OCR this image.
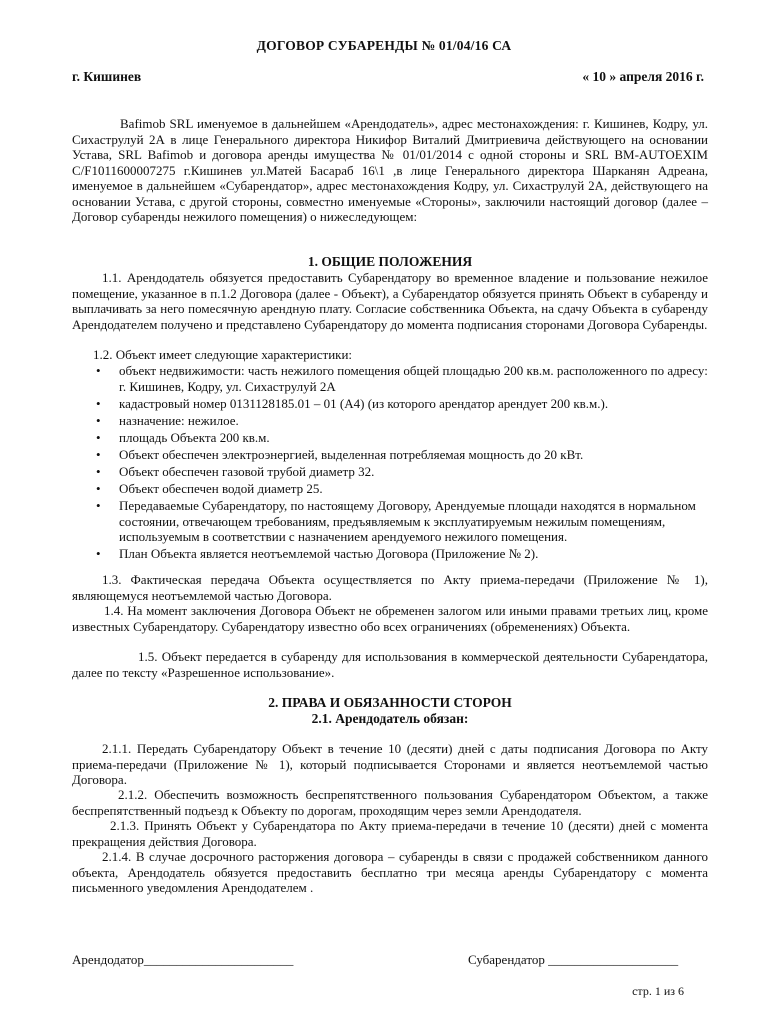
ДОГОВОР СУБАРЕНДЫ № 01/04/16 СА
г. Кишинев	« 10 » апреля 2016 г.
Bafimob SRL именуемое в дальнейшем «Арендодатель», адрес местонахождения: г. Кишинев, Кодру, ул. Сихаструлуй 2А в лице Генерального директора Никифор Виталий Дмитриевича действующего на основании Устава, SRL Bafimob и договора аренды имущества № 01/01/2014 с одной стороны и SRL BM-AUTOEXIM C/F1011600007275 г.Кишинев ул.Матей Басараб 16\1 ,в лице Генерального директора Шарканян Адреана, именуемое в дальнейшем «Субарендатор», адрес местонахождения Кодру, ул. Сихаструлуй 2А, действующего на основании Устава, с другой стороны, совместно именуемые «Стороны», заключили настоящий договор (далее – Договор субаренды нежилого помещения) о нижеследующем:
1. ОБЩИЕ ПОЛОЖЕНИЯ
1.1. Арендодатель обязуется предоставить Субарендатору во временное владение и пользование нежилое помещение, указанное в п.1.2 Договора (далее - Объект), а Субарендатор обязуется принять Объект в субаренду и выплачивать за него помесячную арендную плату. Согласие собственника Объекта, на сдачу Объекта в субаренду Арендодателем получено и представлено Субарендатору до момента подписания сторонами Договора Субаренды.
1.2. Объект имеет следующие характеристики:
• объект недвижимости: часть нежилого помещения общей площадью 200 кв.м. расположенного по адресу: г. Кишинев, Кодру, ул. Сихаструлуй 2А
• кадастровый номер 0131128185.01 – 01 (А4) (из которого арендатор арендует 200 кв.м.).
• назначение: нежилое.
• площадь Объекта 200 кв.м.
• Объект обеспечен электроэнергией, выделенная потребляемая мощность до 20 кВт.
• Объект обеспечен газовой трубой диаметр 32.
• Объект обеспечен водой диаметр 25.
• Передаваемые Субарендатору, по настоящему Договору, Арендуемые площади находятся в нормальном состоянии, отвечающем требованиям, предъявляемым к эксплуатируемым нежилым помещениям, используемым в соответствии с назначением арендуемого нежилого помещения.
• План Объекта является неотъемлемой частью Договора (Приложение № 2).
1.3. Фактическая передача Объекта осуществляется по Акту приема-передачи (Приложение № 1), являющемуся неотъемлемой частью Договора.
1.4. На момент заключения Договора Объект не обременен залогом или иными правами третьих лиц, кроме известных Субарендатору. Субарендатору известно обо всех ограничениях (обременениях) Объекта.
1.5. Объект передается в субаренду для использования в коммерческой деятельности Субарендатора, далее по тексту «Разрешенное использование».
2. ПРАВА И ОБЯЗАННОСТИ СТОРОН
2.1. Арендодатель обязан:
2.1.1. Передать Субарендатору Объект в течение 10 (десяти) дней с даты подписания Договора по Акту приема-передачи (Приложение № 1), который подписывается Сторонами и является неотъемлемой частью Договора.
2.1.2. Обеспечить возможность беспрепятственного пользования Субарендатором Объектом, а также беспрепятственный подъезд к Объекту по дорогам, проходящим через земли Арендодателя.
2.1.3. Принять Объект у Субарендатора по Акту приема-передачи в течение 10 (десяти) дней с момента прекращения действия Договора.
2.1.4. В случае досрочного расторжения договора – субаренды в связи с продажей собственником данного объекта, Арендодатель обязуется предоставить бесплатно три месяца аренды Субарендатору с момента письменного уведомления Арендодателем .
Арендодатор_______________________	Субарендатор ____________________
стр. 1 из 6
